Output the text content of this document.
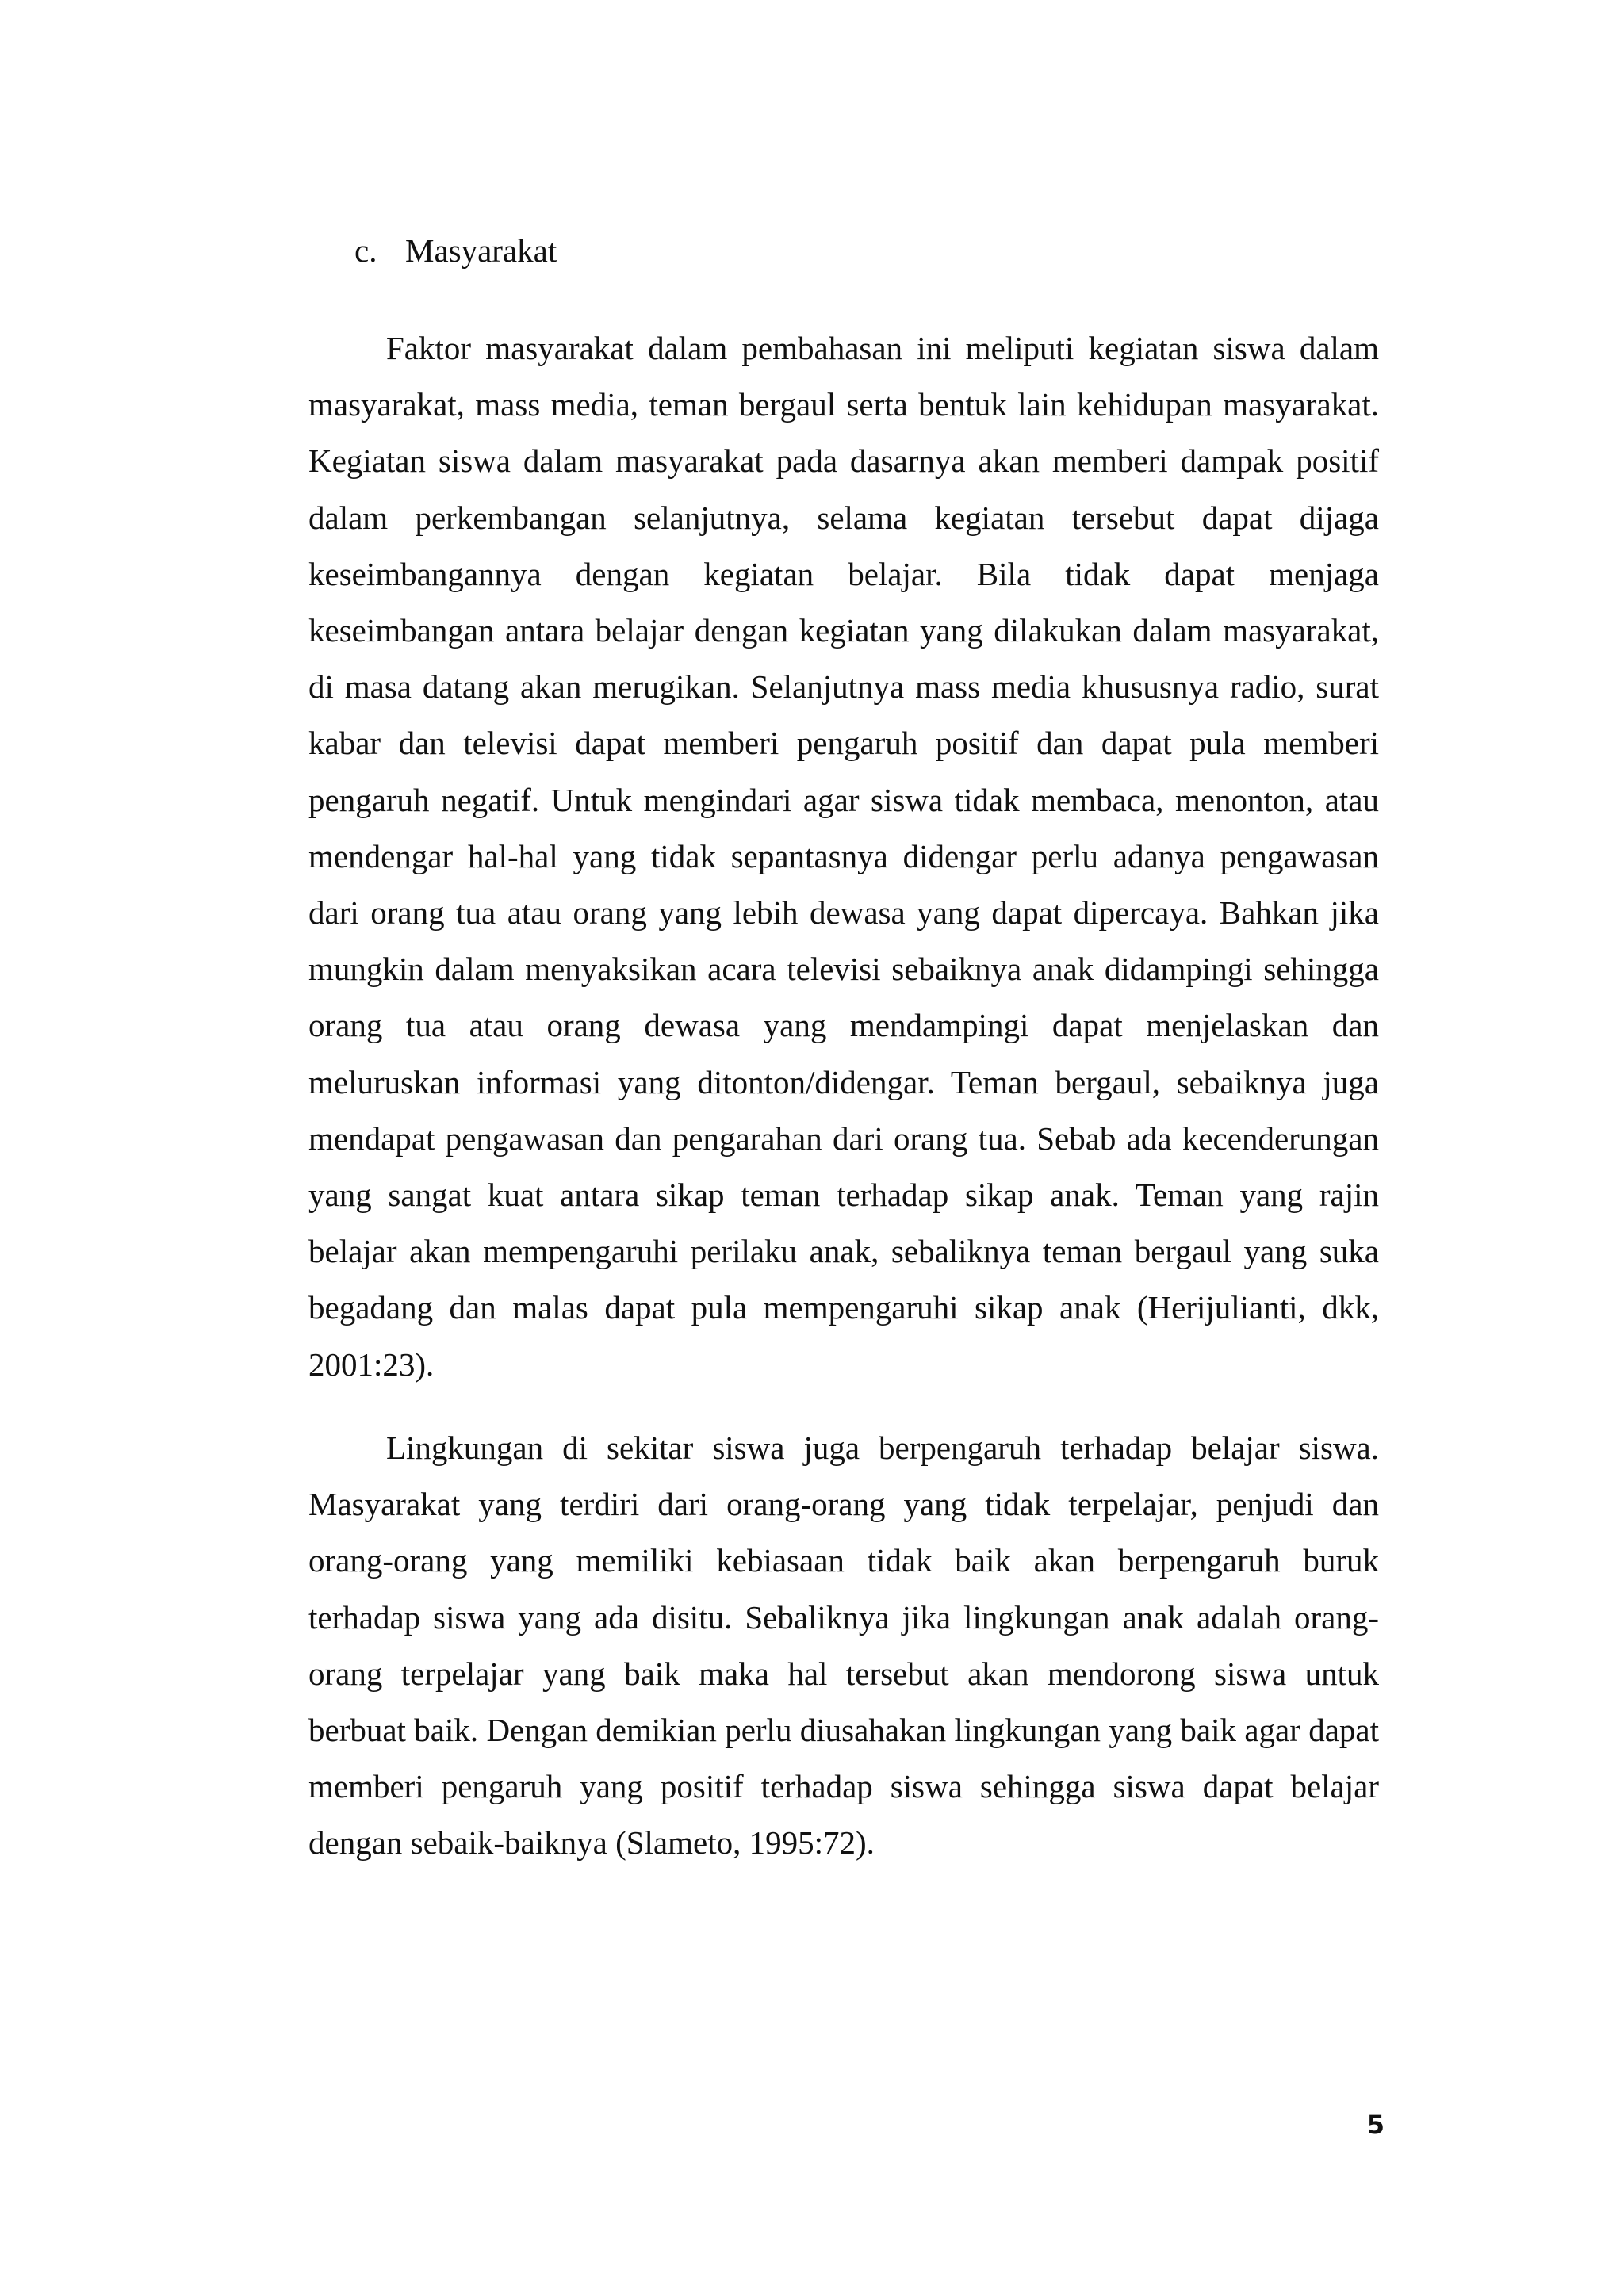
c. Masyarakat

Faktor masyarakat dalam pembahasan ini meliputi kegiatan siswa dalam masyarakat, mass media, teman bergaul serta bentuk lain kehidupan masyarakat. Kegiatan siswa dalam masyarakat pada dasarnya akan memberi dampak positif dalam perkembangan selanjutnya, selama kegiatan tersebut dapat dijaga keseimbangannya dengan kegiatan belajar. Bila tidak dapat menjaga keseimbangan antara belajar dengan kegiatan yang dilakukan dalam masyarakat, di masa datang akan merugikan. Selanjutnya mass media khususnya radio, surat kabar dan televisi dapat memberi pengaruh positif dan dapat pula memberi pengaruh negatif. Untuk mengindari agar siswa tidak membaca, menonton, atau mendengar hal-hal yang tidak sepantasnya didengar perlu adanya pengawasan dari orang tua atau orang yang lebih dewasa yang dapat dipercaya. Bahkan jika mungkin dalam menyaksikan acara televisi sebaiknya anak didampingi sehingga orang tua atau orang dewasa yang mendampingi dapat menjelaskan dan meluruskan informasi yang ditonton/didengar. Teman bergaul, sebaiknya juga mendapat pengawasan dan pengarahan dari orang tua. Sebab ada kecenderungan yang sangat kuat antara sikap teman terhadap sikap anak. Teman yang rajin belajar akan mempengaruhi perilaku anak, sebaliknya teman bergaul yang suka begadang dan malas dapat pula mempengaruhi sikap anak (Herijulianti, dkk, 2001:23).

Lingkungan di sekitar siswa juga berpengaruh terhadap belajar siswa. Masyarakat yang terdiri dari orang-orang yang tidak terpelajar, penjudi dan orang-orang yang memiliki kebiasaan tidak baik akan berpengaruh buruk terhadap siswa yang ada disitu. Sebaliknya jika lingkungan anak adalah orang-orang terpelajar yang baik maka hal tersebut akan mendorong siswa untuk berbuat baik. Dengan demikian perlu diusahakan lingkungan yang baik agar dapat memberi pengaruh yang positif terhadap siswa sehingga siswa dapat belajar dengan sebaik-baiknya (Slameto, 1995:72).

5
